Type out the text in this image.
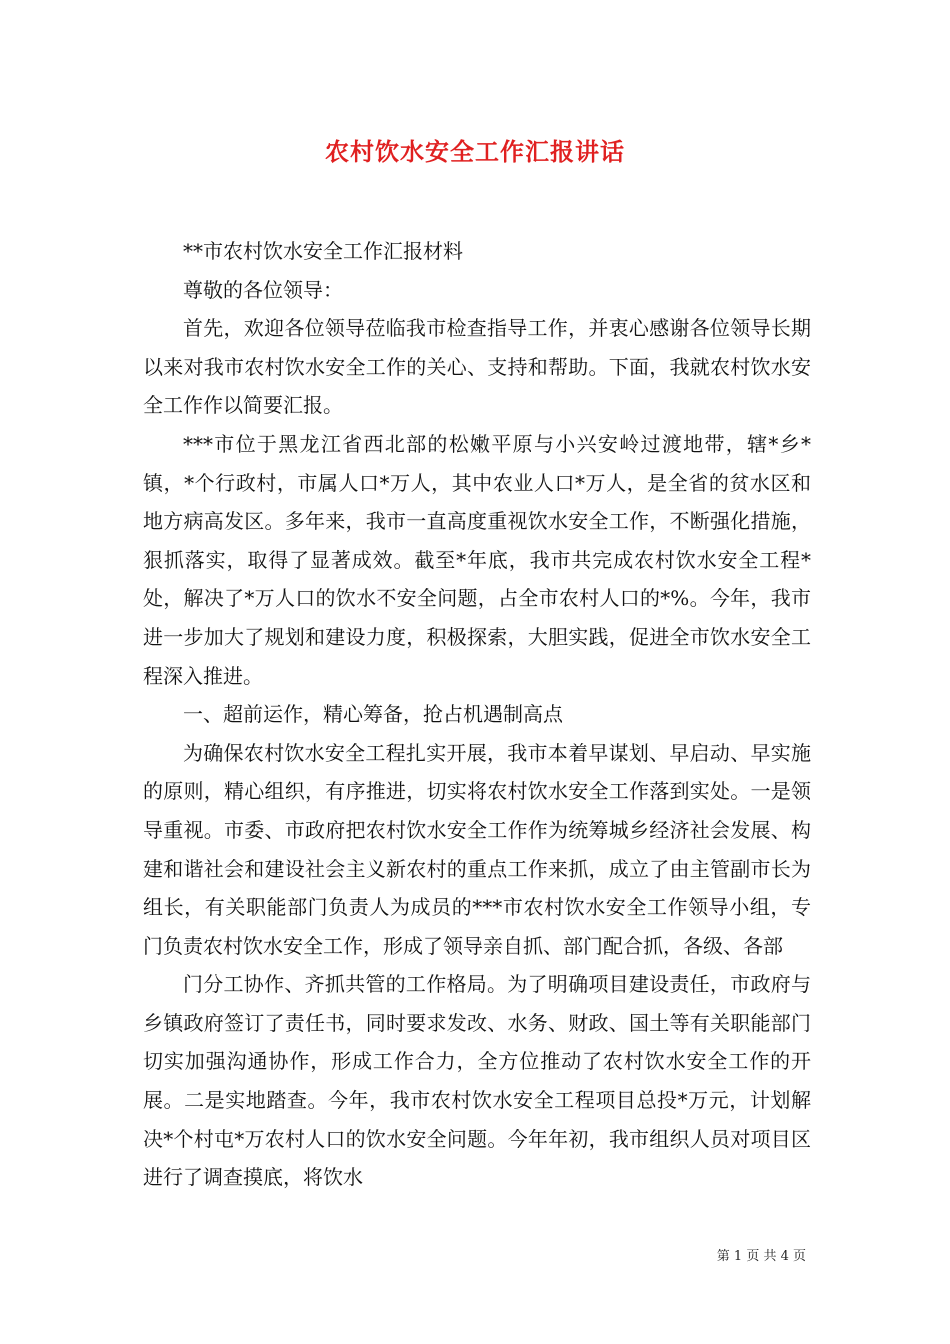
农村饮水安全工作汇报讲话

**市农村饮水安全工作汇报材料

尊敬的各位领导：

首先，欢迎各位领导莅临我市检查指导工作，并衷心感谢各位领导长期以来对我市农村饮水安全工作的关心、支持和帮助。下面，我就农村饮水安全工作作以简要汇报。

***市位于黑龙江省西北部的松嫩平原与小兴安岭过渡地带，辖*乡*镇，*个行政村，市属人口*万人，其中农业人口*万人，是全省的贫水区和地方病高发区。多年来，我市一直高度重视饮水安全工作，不断强化措施，狠抓落实，取得了显著成效。截至*年底，我市共完成农村饮水安全工程*处，解决了*万人口的饮水不安全问题，占全市农村人口的*%。今年，我市进一步加大了规划和建设力度，积极探索，大胆实践，促进全市饮水安全工程深入推进。

一、超前运作，精心筹备，抢占机遇制高点

为确保农村饮水安全工程扎实开展，我市本着早谋划、早启动、早实施的原则，精心组织，有序推进，切实将农村饮水安全工作落到实处。一是领导重视。市委、市政府把农村饮水安全工作作为统筹城乡经济社会发展、构建和谐社会和建设社会主义新农村的重点工作来抓，成立了由主管副市长为组长，有关职能部门负责人为成员的***市农村饮水安全工作领导小组，专门负责农村饮水安全工作，形成了领导亲自抓、部门配合抓，各级、各部

门分工协作、齐抓共管的工作格局。为了明确项目建设责任，市政府与乡镇政府签订了责任书，同时要求发改、水务、财政、国土等有关职能部门切实加强沟通协作，形成工作合力，全方位推动了农村饮水安全工作的开展。二是实地踏查。今年，我市农村饮水安全工程项目总投*万元，计划解决*个村屯*万农村人口的饮水安全问题。今年年初，我市组织人员对项目区进行了调查摸底，将饮水

第 1 页 共 4 页
